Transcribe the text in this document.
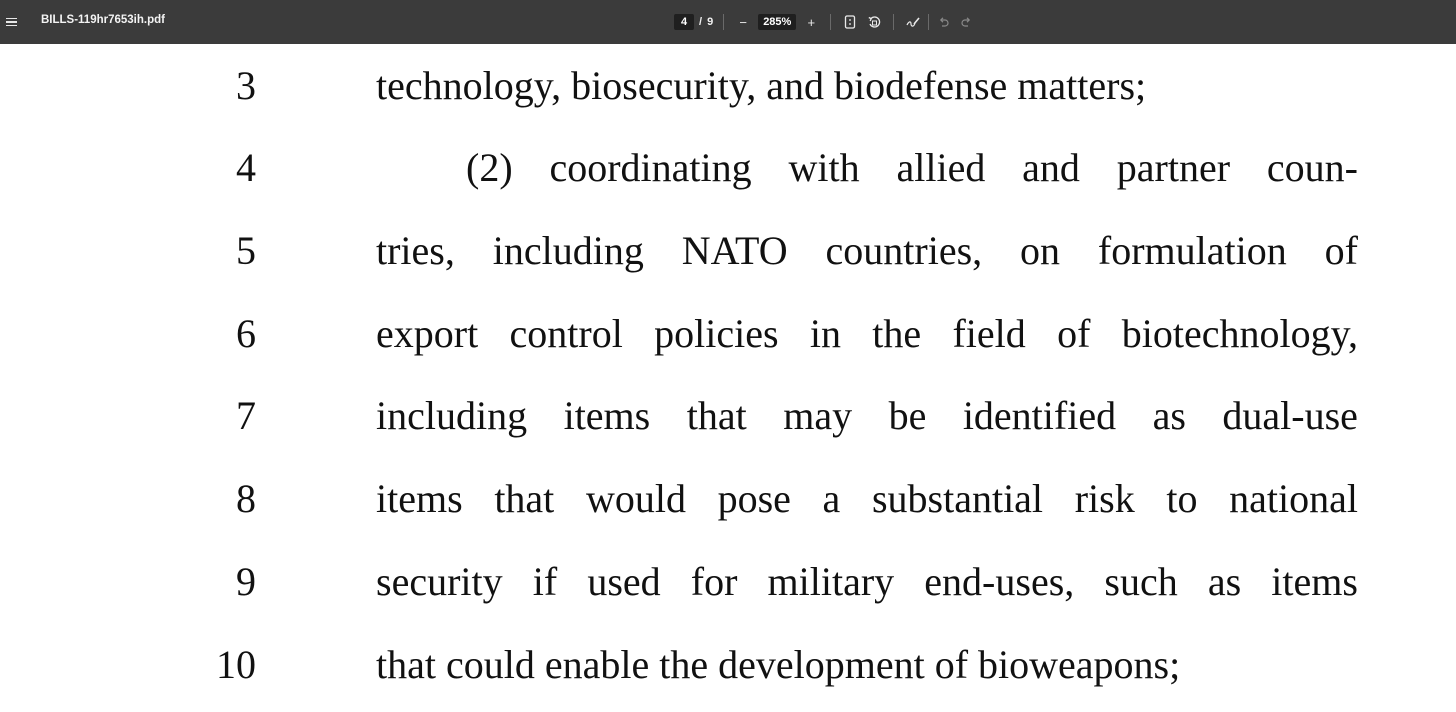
BILLS-119hr7653ih.pdf	4	/ 9	−	285%	+
3	technology, biosecurity, and biodefense matters;
4	(2) coordinating with allied and partner coun-
5	tries, including NATO countries, on formulation of
6	export control policies in the field of biotechnology,
7	including items that may be identified as dual-use
8	items that would pose a substantial risk to national
9	security if used for military end-uses, such as items
10	that could enable the development of bioweapons;
